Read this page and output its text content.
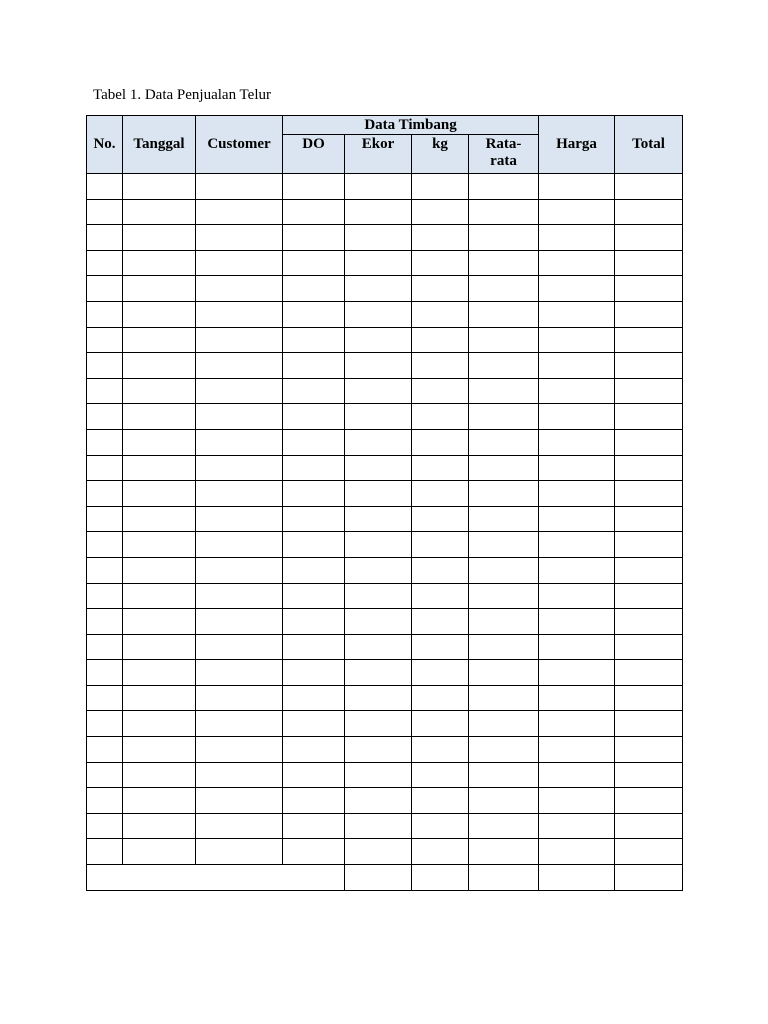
Tabel 1. Data Penjualan Telur
No.	Tanggal	Customer	Data Timbang				Harga	Total
			DO	Ekor	kg	Rata-
rata		
